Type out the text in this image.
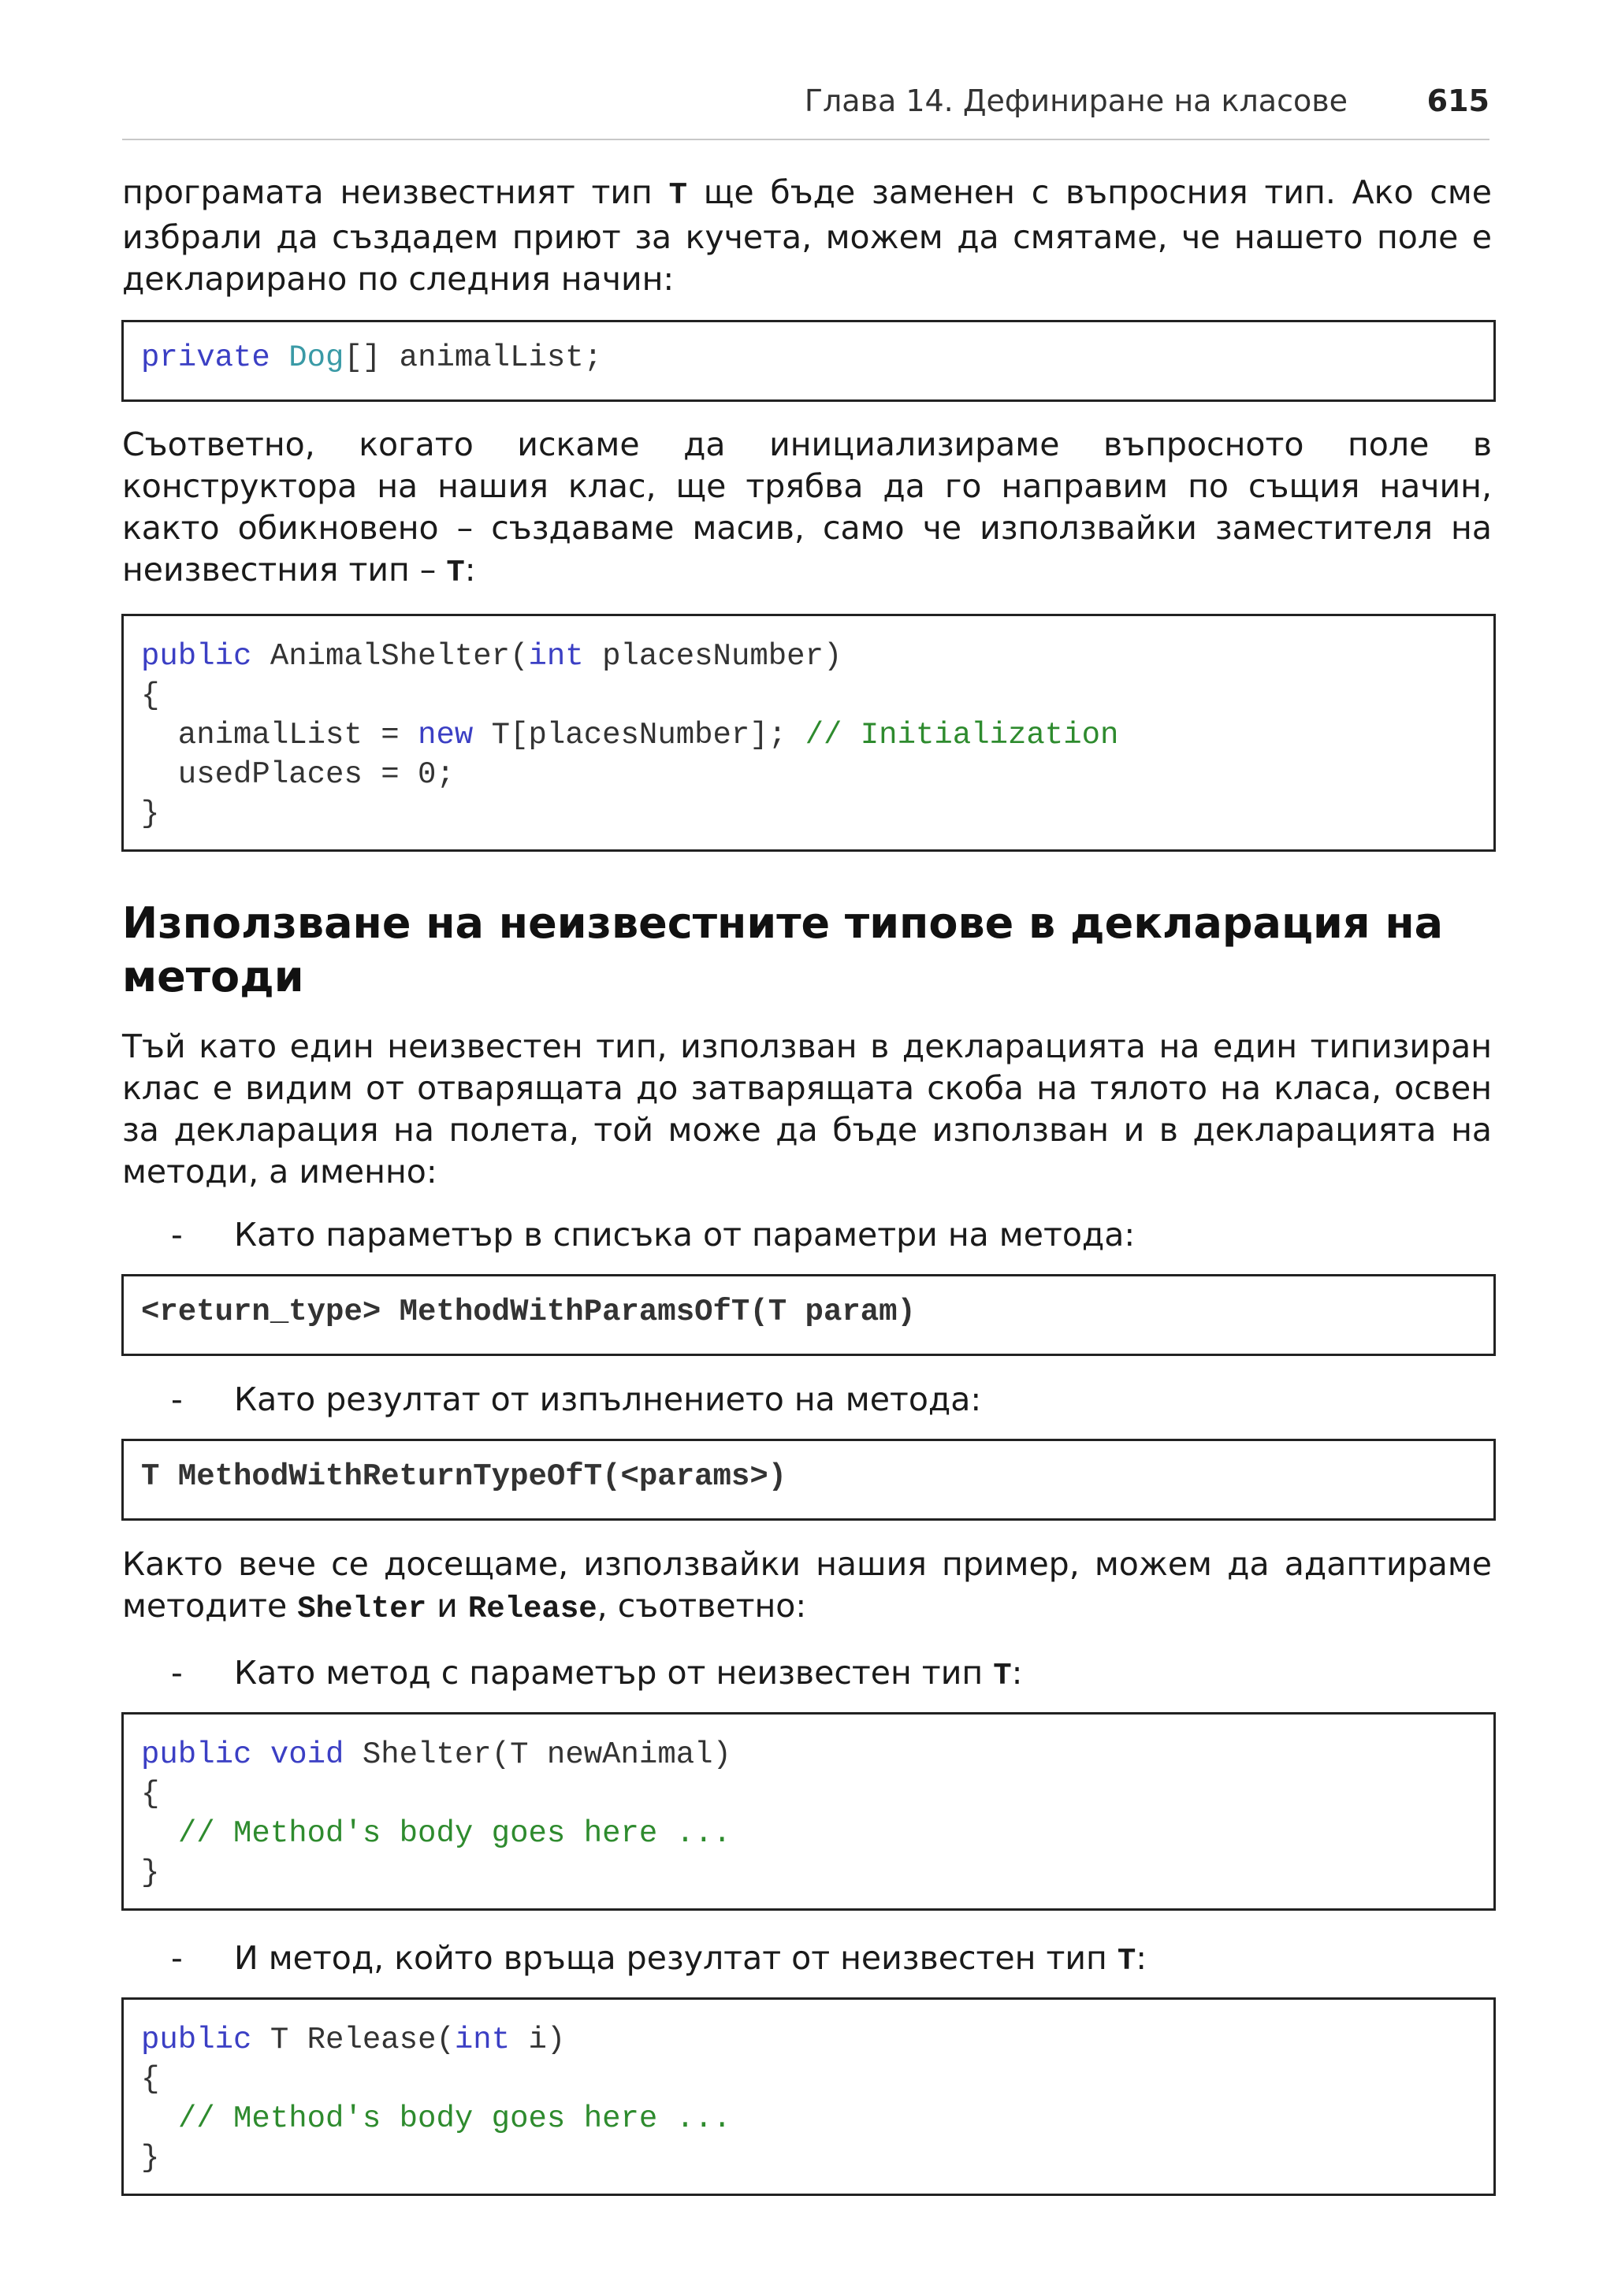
Глава 14. Дефиниране на класове	615

програмата неизвестният тип T ще бъде заменен с въпросния тип. Ако сме избрали да създадем приют за кучета, можем да смятаме, че нашето поле е декларирано по следния начин:

private Dog[] animalList;

Съответно, когато искаме да инициализираме въпросното поле в конструктора на нашия клас, ще трябва да го направим по същия начин, както обикновено – създаваме масив, само че използвайки заместителя на неизвестния тип – T:

public AnimalShelter(int placesNumber)
{
animalList = new T[placesNumber]; // Initialization
usedPlaces = 0;
}
Използване на неизвестните типове в декларация на методи

Тъй като един неизвестен тип, използван в декларацията на един типизиран клас е видим от отварящата до затварящата скоба на тялото на класа, освен за декларация на полета, той може да бъде използван и в декларацията на методи, а именно:

- Като параметър в списъка от параметри на метода:
<return_type> MethodWithParamsOfT(T param)
- Като резултат от изпълнението на метода:
T MethodWithReturnTypeOfT(<params>)

Както вече се досещаме, използвайки нашия пример, можем да адаптираме методите Shelter и Release, съответно:

- Като метод с параметър от неизвестен тип T:
public void Shelter(T newAnimal)
{
// Method's body goes here ...
}
- И метод, който връща резултат от неизвестен тип T:
public T Release(int i)
{
// Method's body goes here ...
}
